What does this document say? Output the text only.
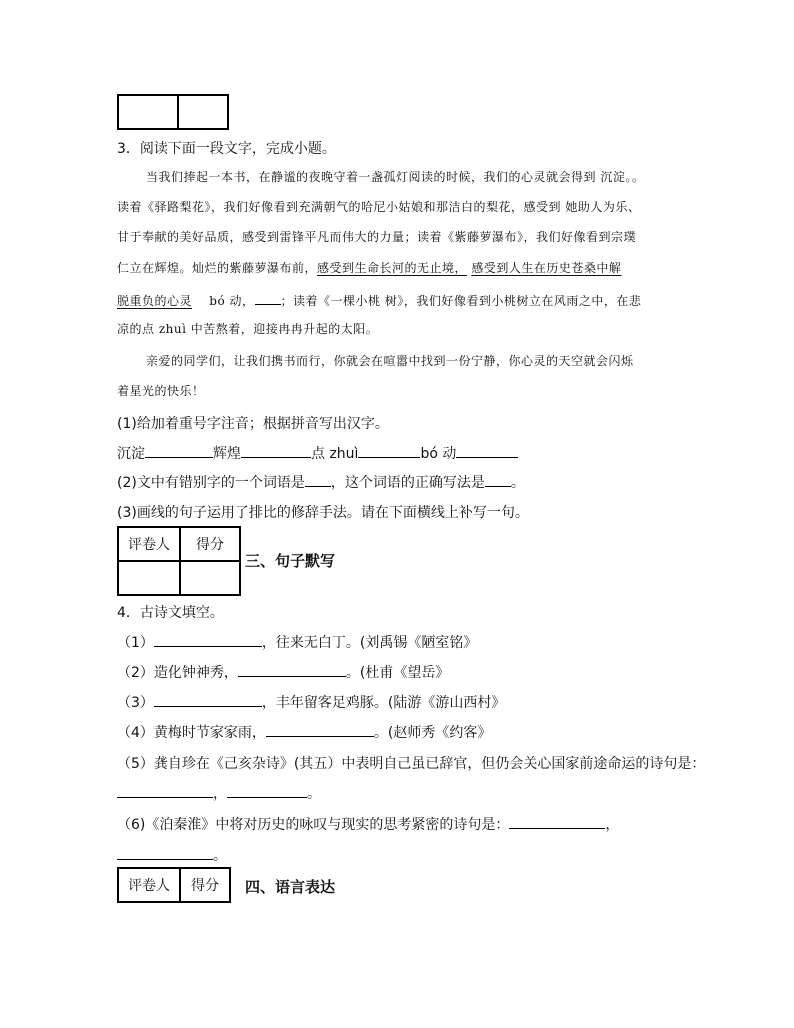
3．阅读下面一段文字，完成小题。
当我们捧起一本书，在静谧的夜晚守着一盏孤灯阅读的时候，我们的心灵就会得到 沉淀。。
读着《驿路梨花》，我们好像看到充满朝气的哈尼小姑娘和那洁白的梨花，感受到 她助人为乐、
甘于奉献的美好品质，感受到雷锋平凡而伟大的力量；读着《紫藤萝瀑布》，我们好像看到宗璞
仁立在辉煌。灿烂的紫藤萝瀑布前，感受到生命长河的无止境， 感受到人生在历史苍桑中解
脱重负的心灵 bó 动， ；读着《一棵小桃 树》，我们好像看到小桃树立在风雨之中，在悲
凉的点 zhuì 中苦熬着，迎接冉冉升起的太阳。
亲爱的同学们，让我们携书而行，你就会在喧嚣中找到一份宁静，你心灵的天空就会闪烁
着星光的快乐！
(1)给加着重号字注音；根据拼音写出汉字。
沉淀	辉煌	点 zhuì	bó 动
(2)文中有错别字的一个词语是 ，这个词语的正确写法是 。
(3)画线的句子运用了排比的修辞手法。请在下面横线上补写一句。
评卷人	得分

三、句子默写
4．古诗文填空。
（1）	，往来无白丁。(刘禹锡《陋室铭》
（2）造化钟神秀，	。(杜甫《望岳》
（3）	，丰年留客足鸡豚。(陆游《游山西村》
（4）黄梅时节家家雨，	。(赵师秀《约客》
（5）龚自珍在《己亥杂诗》(其五）中表明自己虽已辞官，但仍会关心国家前途命运的诗句是：
，	。
（6)《泊秦淮》中将对历史的咏叹与现实的思考紧密的诗句是：	，
。
评卷人	得分 四、语言表达
